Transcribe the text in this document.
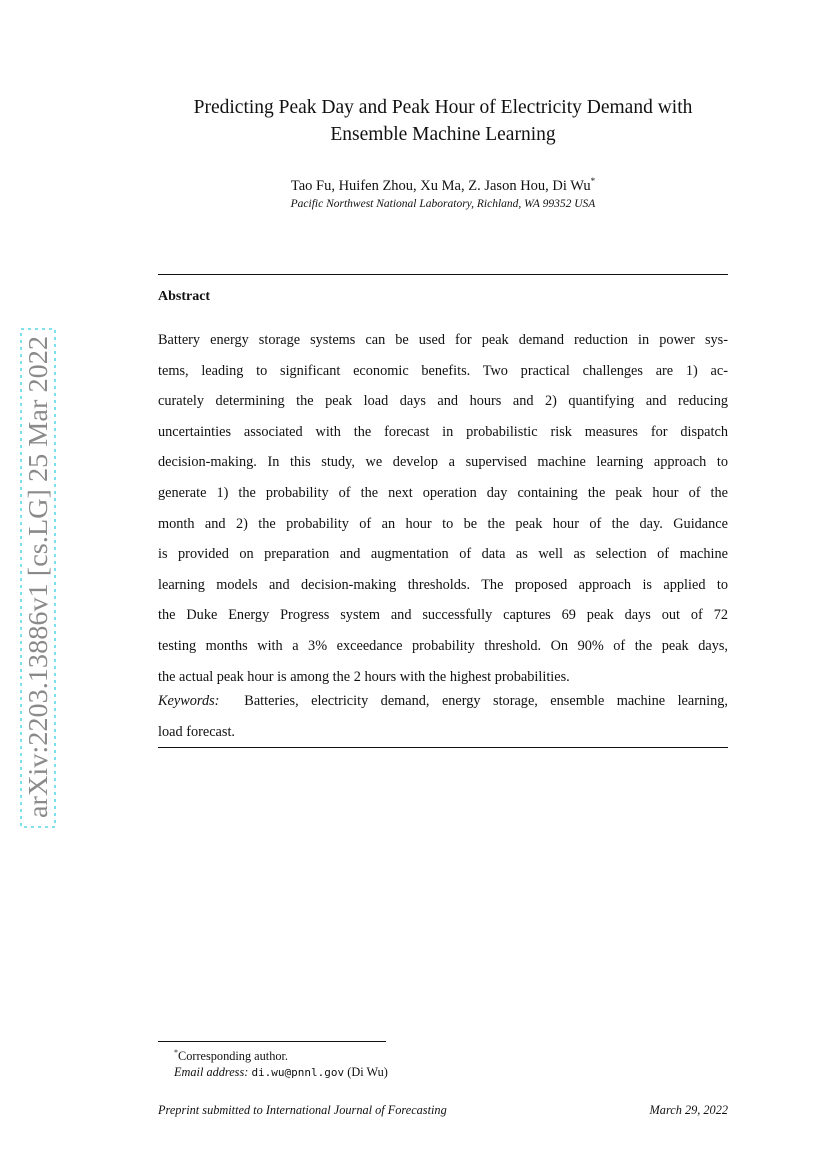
arXiv:2203.13886v1 [cs.LG] 25 Mar 2022
Predicting Peak Day and Peak Hour of Electricity Demand with
Ensemble Machine Learning
Tao Fu, Huifen Zhou, Xu Ma, Z. Jason Hou, Di Wu*
Pacific Northwest National Laboratory, Richland, WA 99352 USA
Abstract
Battery energy storage systems can be used for peak demand reduction in power sys-
tems, leading to significant economic benefits. Two practical challenges are 1) ac-
curately determining the peak load days and hours and 2) quantifying and reducing
uncertainties associated with the forecast in probabilistic risk measures for dispatch
decision-making. In this study, we develop a supervised machine learning approach to
generate 1) the probability of the next operation day containing the peak hour of the
month and 2) the probability of an hour to be the peak hour of the day. Guidance
is provided on preparation and augmentation of data as well as selection of machine
learning models and decision-making thresholds. The proposed approach is applied to
the Duke Energy Progress system and successfully captures 69 peak days out of 72
testing months with a 3% exceedance probability threshold. On 90% of the peak days,
the actual peak hour is among the 2 hours with the highest probabilities.
Keywords: Batteries, electricity demand, energy storage, ensemble machine learning,
load forecast.
*Corresponding author.
Email address: di.wu@pnnl.gov (Di Wu)
Preprint submitted to International Journal of Forecasting	March 29, 2022
